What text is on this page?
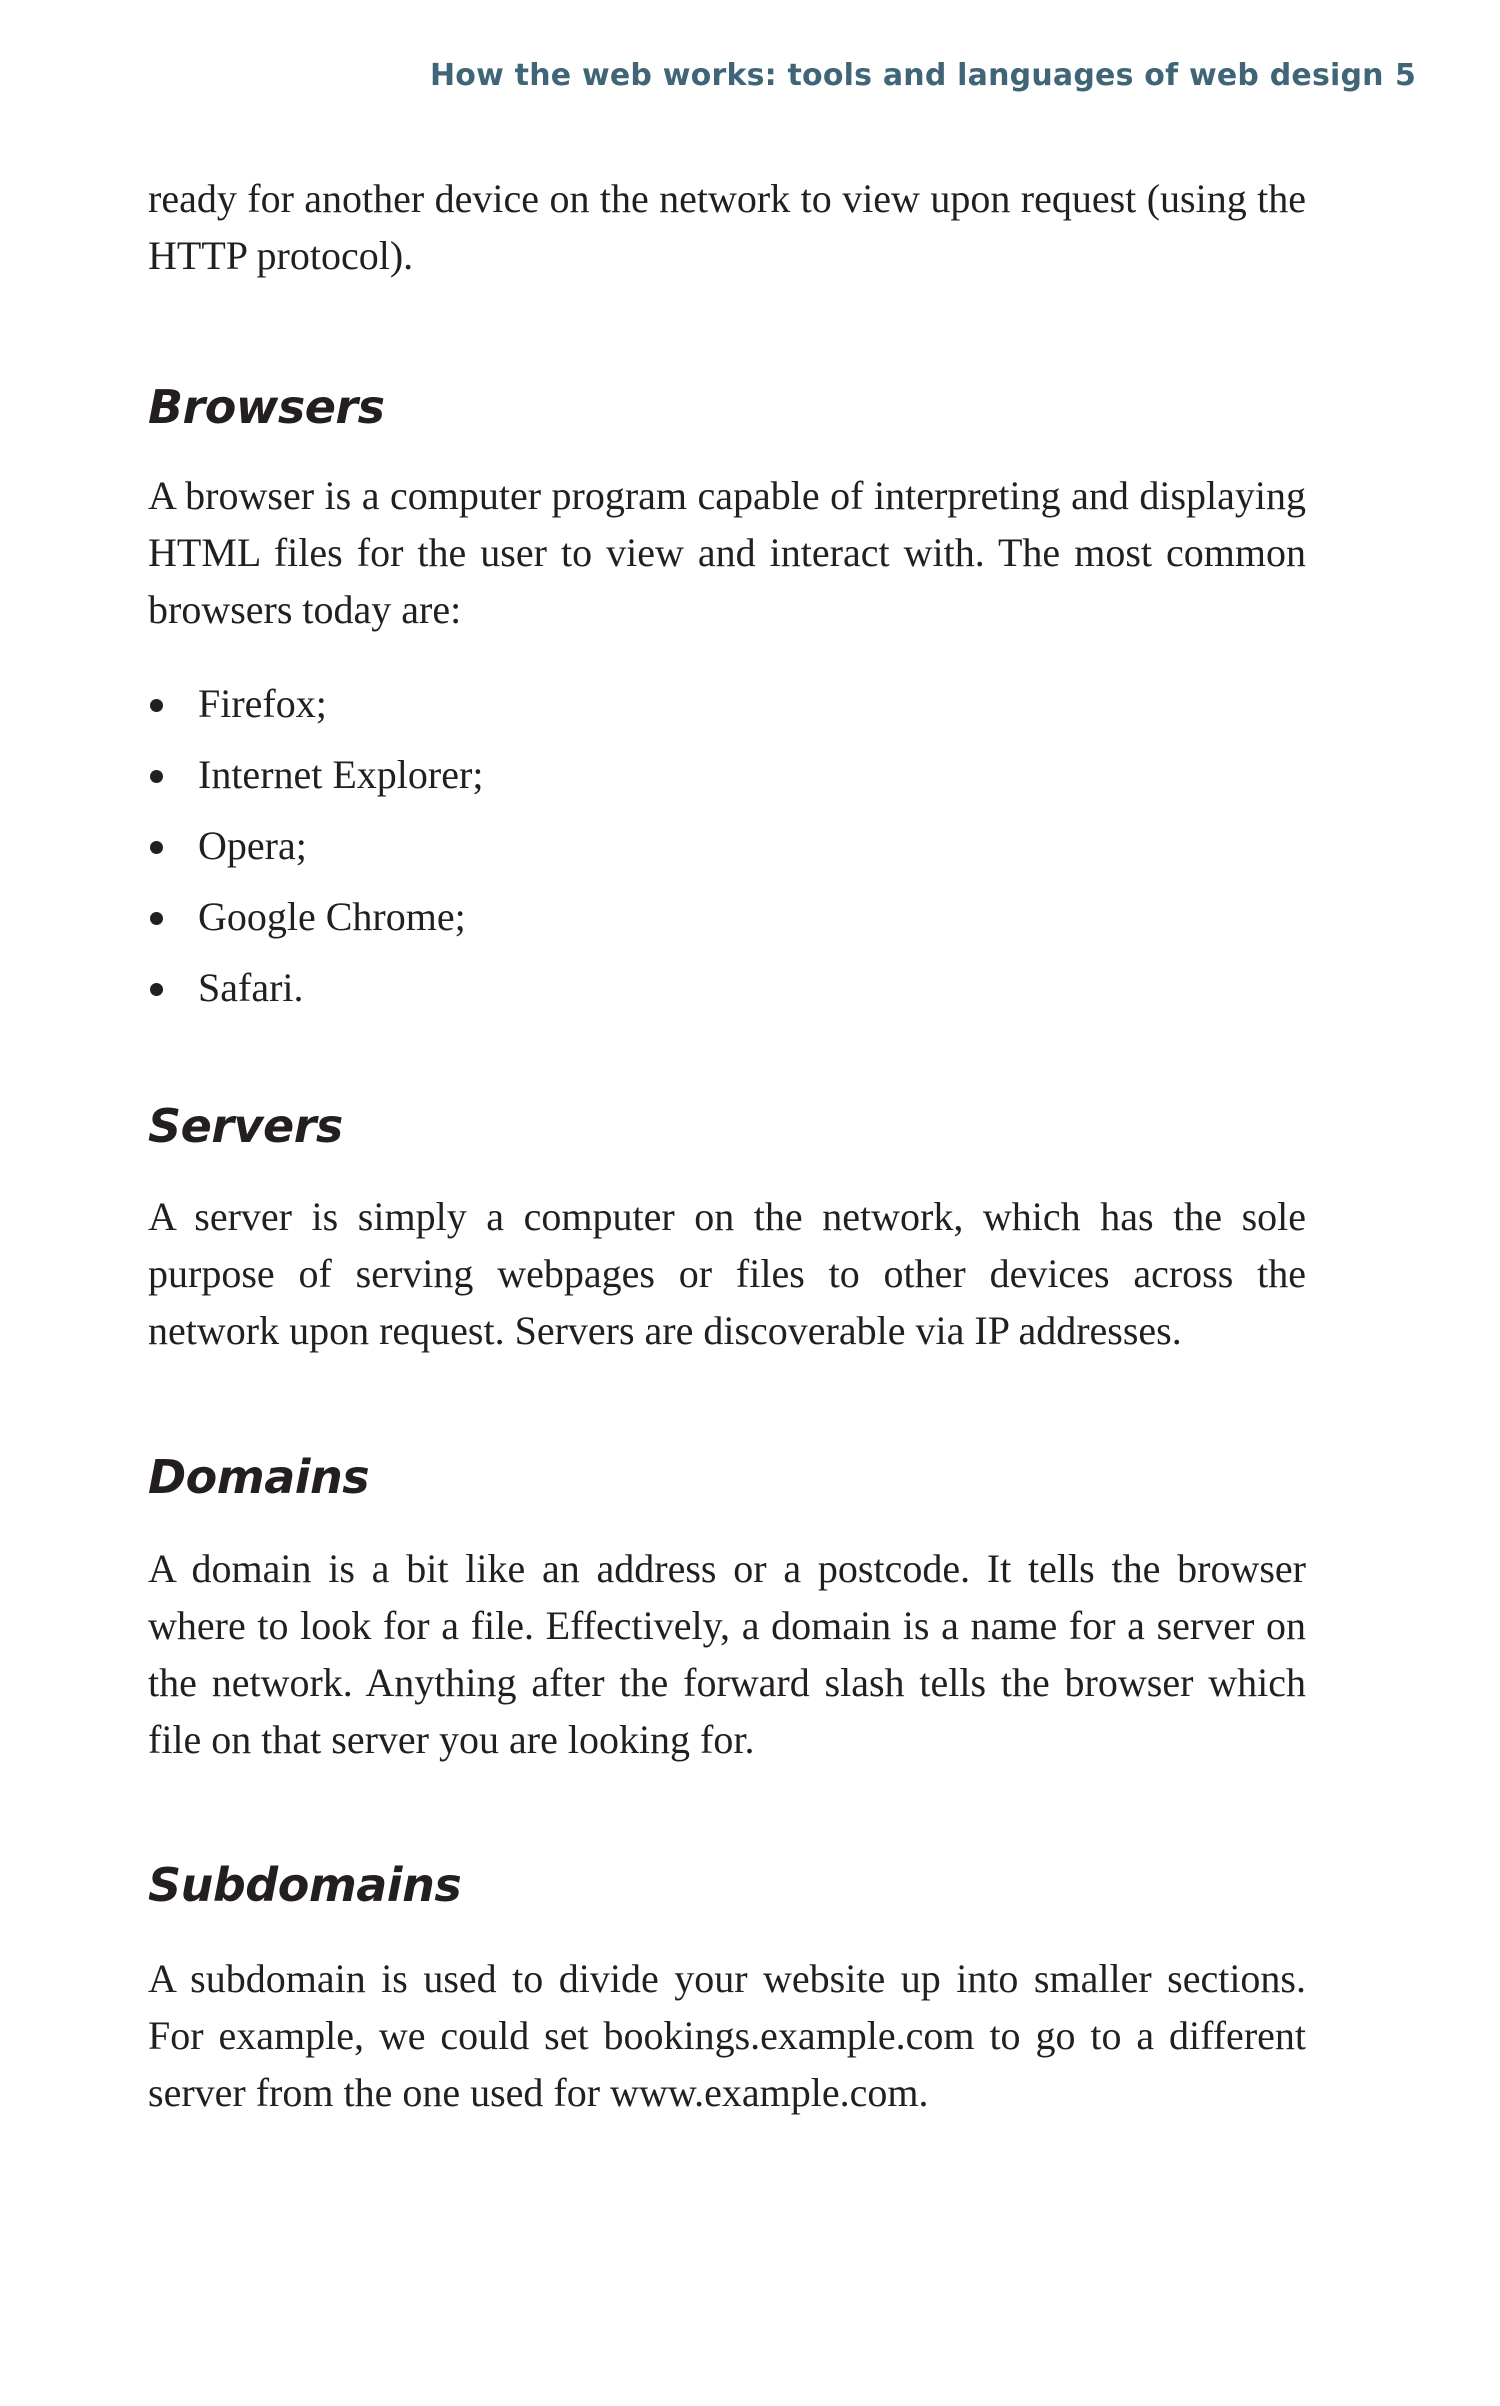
How the web works: tools and languages of web design 5

ready for another device on the network to view upon request (using the HTTP protocol).

Browsers

A browser is a computer program capable of interpreting and displaying HTML files for the user to view and interact with. The most common browsers today are:

Firefox;
Internet Explorer;
Opera;
Google Chrome;
Safari.
Servers

A server is simply a computer on the network, which has the sole purpose of serving webpages or files to other devices across the network upon request. Servers are discoverable via IP addresses.

Domains

A domain is a bit like an address or a postcode. It tells the browser where to look for a file. Effectively, a domain is a name for a server on the network. Anything after the forward slash tells the browser which file on that server you are looking for.

Subdomains

A subdomain is used to divide your website up into smaller sections. For example, we could set bookings.example.com to go to a different server from the one used for www.example.com.
